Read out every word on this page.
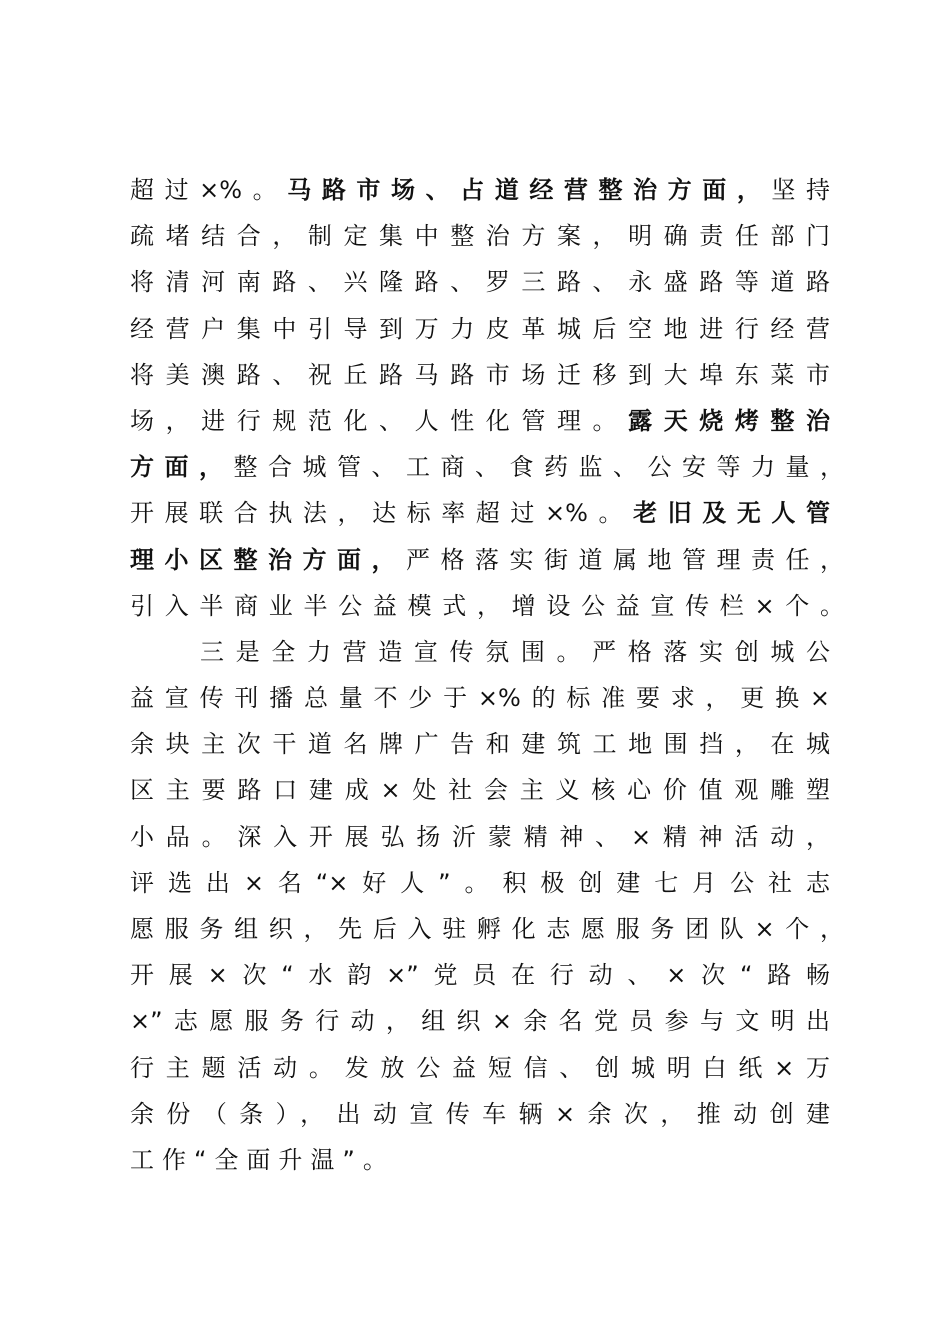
超过×%。马路市场、占道经营整治方面，坚持
疏堵结合，制定集中整治方案，明确责任部门
将清河南路、兴隆路、罗三路、永盛路等道路
经营户集中引导到万力皮革城后空地进行经营
将美澳路、祝丘路马路市场迁移到大埠东菜市
场，进行规范化、人性化管理。露天烧烤整治
方面，整合城管、工商、食药监、公安等力量，
开展联合执法，达标率超过×%。老旧及无人管
理小区整治方面，严格落实街道属地管理责任，
引入半商业半公益模式，增设公益宣传栏×个。
三是全力营造宣传氛围。严格落实创城公
益宣传刊播总量不少于×%的标准要求，更换×
余块主次干道名牌广告和建筑工地围挡，在城
区主要路口建成×处社会主义核心价值观雕塑
小品。深入开展弘扬沂蒙精神、×精神活动，
评选出×名“×好人”。积极创建七月公社志
愿服务组织，先后入驻孵化志愿服务团队×个，
开展×次“水韵×”党员在行动、×次“路畅
×”志愿服务行动，组织×余名党员参与文明出
行主题活动。发放公益短信、创城明白纸×万
余份（条），出动宣传车辆×余次，推动创建
工作“全面升温”。
